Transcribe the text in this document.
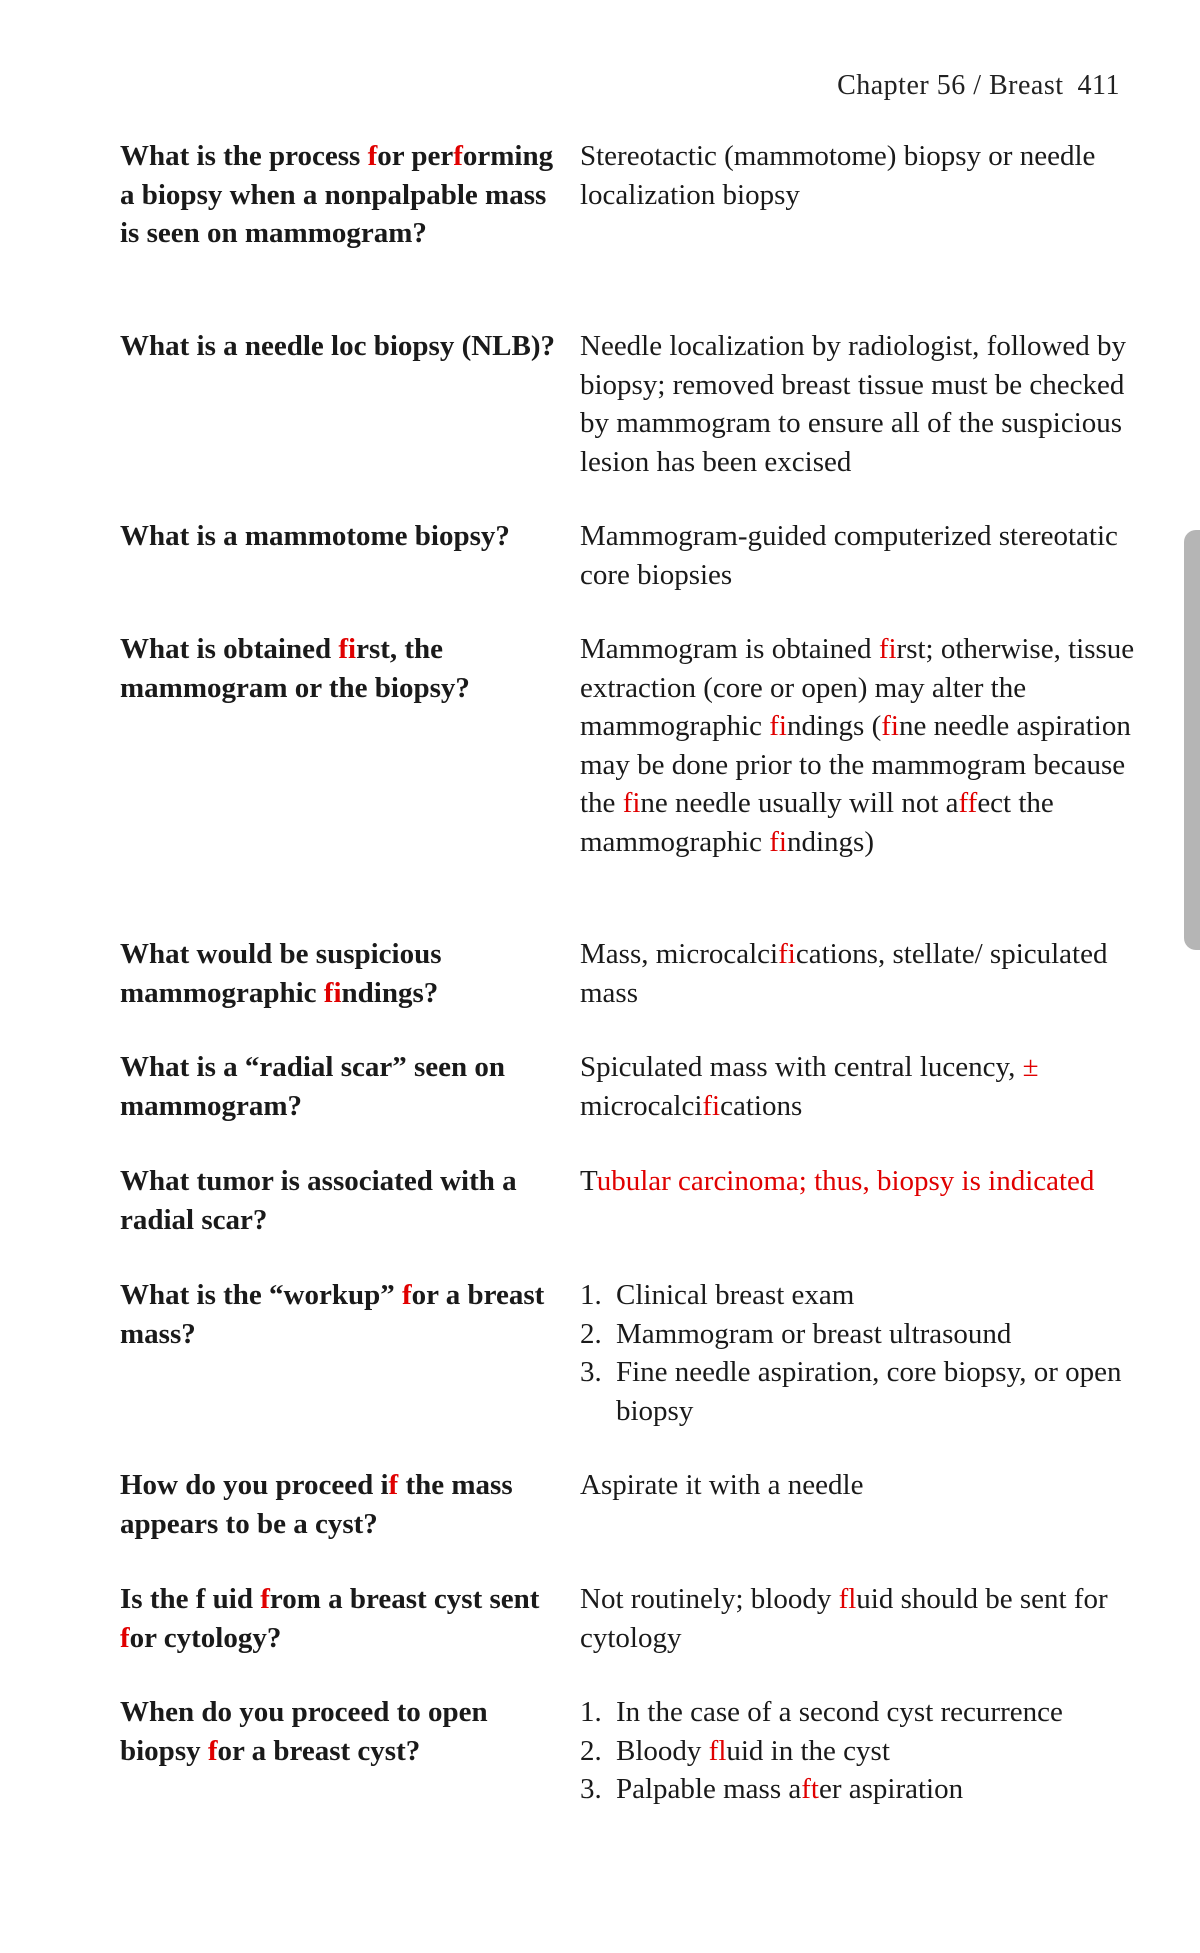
Chapter 56 / Breast 411
What is the process for performing a biopsy when a nonpalpable mass is seen on mammogram?
Stereotactic (mammotome) biopsy or needle localization biopsy
What is a needle loc biopsy (NLB)? Needle localization by radiologist, followed by biopsy; removed breast tissue must be checked by mammogram to ensure all of the suspicious lesion has been excised
What is a mammotome biopsy?	Mammogram-guided computerized stereotatic core biopsies
What is obtained first, the mammogram or the biopsy?
Mammogram is obtained first; otherwise, tissue extraction (core or open) may alter the mammographic findings (fine needle aspiration may be done prior to the mammogram because the fine needle usually will not affect the mammographic findings)
What would be suspicious mammographic findings?
Mass, microcalcifications, stellate/ spiculated mass
What is a “radial scar” seen on mammogram?
Spiculated mass with central lucency, ± microcalcifications
What tumor is associated with a radial scar?
Tubular carcinoma; thus, biopsy is indicated
What is the “workup” for a breast mass?
1. Clinical breast exam
2. Mammogram or breast ultrasound
3. Fine needle aspiration, core biopsy, or open biopsy
How do you proceed if the mass appears to be a cyst?
Aspirate it with a needle
Is the f uid from a breast cyst sent for cytology?
Not routinely; bloody fluid should be sent for cytology
When do you proceed to open biopsy for a breast cyst?
1. In the case of a second cyst recurrence
2. Bloody fluid in the cyst
3. Palpable mass after aspiration
